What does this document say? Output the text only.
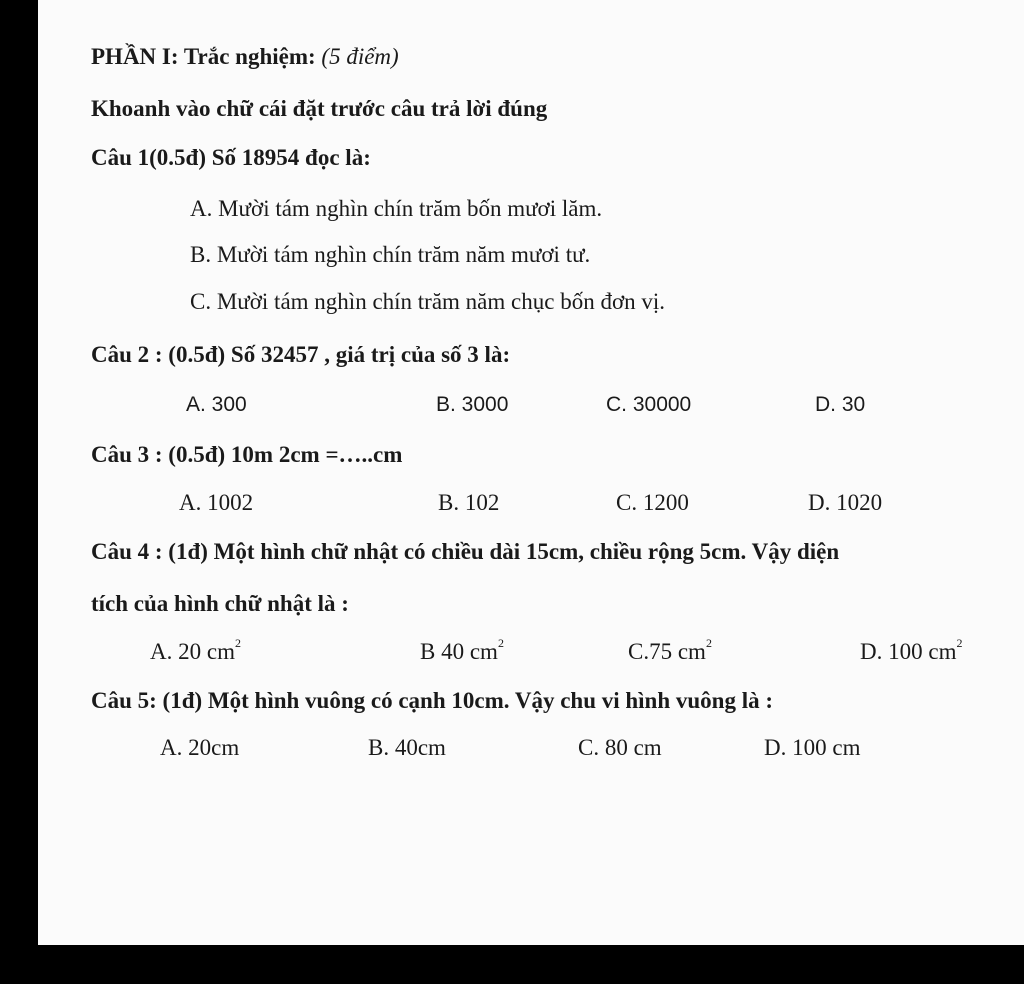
PHẦN I: Trắc nghiệm: (5 điểm)
Khoanh vào chữ cái đặt trước câu trả lời đúng
Câu 1(0.5đ) Số 18954 đọc là:
A. Mười tám nghìn chín trăm bốn mươi lăm.
B. Mười tám nghìn chín trăm năm mươi tư.
C. Mười tám nghìn chín trăm năm chục bốn đơn vị.
Câu 2 : (0.5đ) Số 32457 , giá trị của số 3 là:
A. 300	B. 3000	C. 30000	D. 30
Câu 3 : (0.5đ) 10m 2cm =…..cm
A. 1002	B. 102	C. 1200	D. 1020
Câu 4 : (1đ) Một hình chữ nhật có chiều dài 15cm, chiều rộng 5cm. Vậy diện
tích của hình chữ nhật là :
A. 20 $cm^2$	B 40 $cm^2$	C.75 $cm^2$	D. 100 $cm^2$
Câu 5: (1đ) Một hình vuông có cạnh 10cm. Vậy chu vi hình vuông là :
A. 20cm	B. 40cm	C. 80 cm	D. 100 cm
